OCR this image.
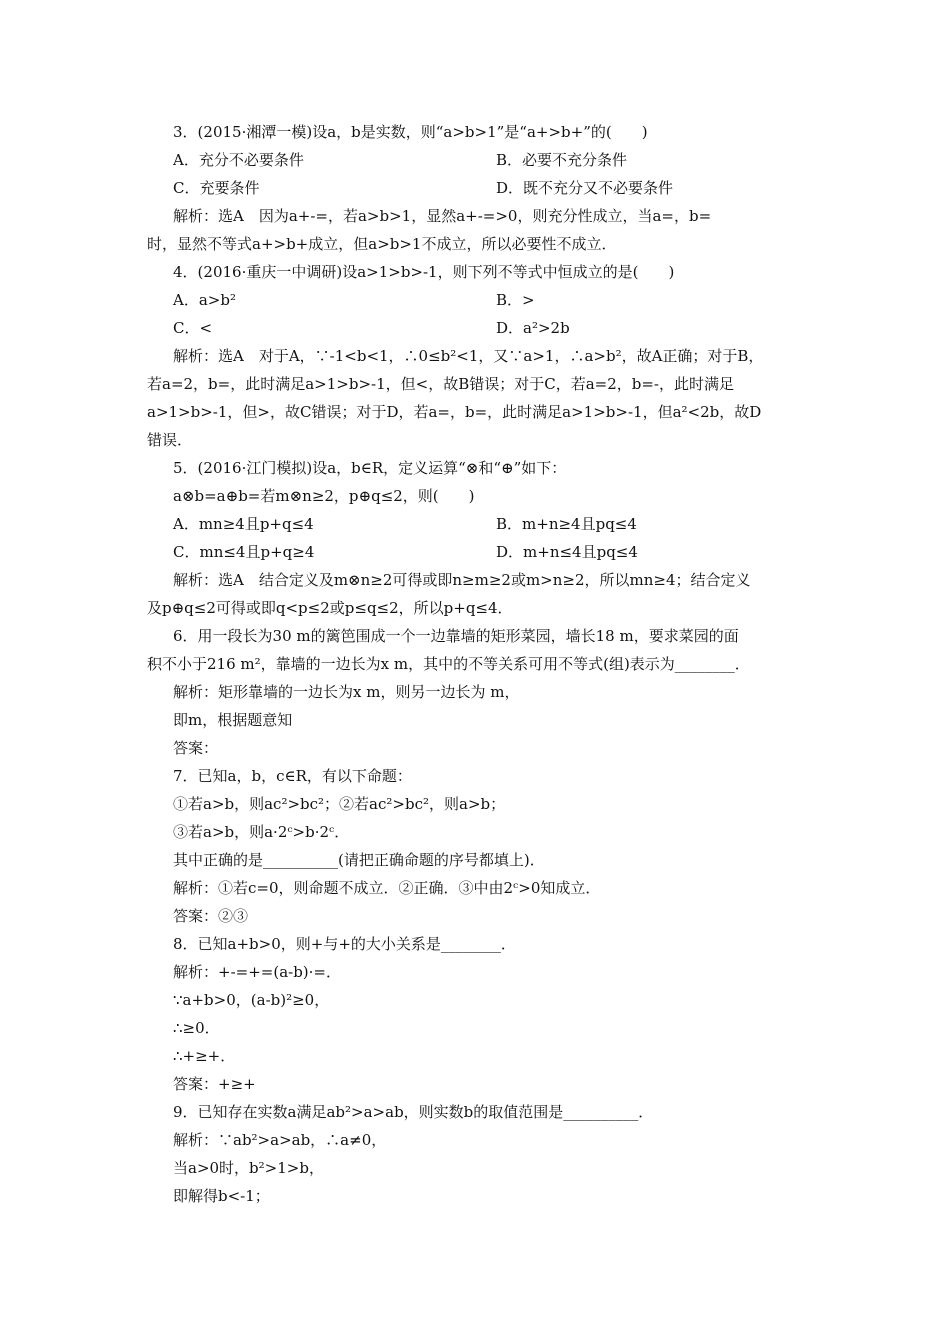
3．(2015·湘潭一模)设a，b是实数，则“a>b>1”是“a+>b+”的(　　)
A．充分不必要条件	B．必要不充分条件
C．充要条件	D．既不充分又不必要条件
解析：选A　因为a+-=，若a>b>1，显然a+-=>0，则充分性成立，当a=，b=
时，显然不等式a+>b+成立，但a>b>1不成立，所以必要性不成立．
4．(2016·重庆一中调研)设a>1>b>-1，则下列不等式中恒成立的是(　　)
A．a>b²	B．>
C．<	D．a²>2b
解析：选A　对于A，∵-1<b<1，∴0≤b²<1，又∵a>1，∴a>b²，故A正确；对于B，
若a=2，b=，此时满足a>1>b>-1，但<，故B错误；对于C，若a=2，b=-，此时满足
a>1>b>-1，但>，故C错误；对于D，若a=，b=，此时满足a>1>b>-1，但a²<2b，故D
错误．
5．(2016·江门模拟)设a，b∈R，定义运算“⊗和“⊕”如下：
a⊗b=a⊕b=若m⊗n≥2，p⊕q≤2，则(　　)
A．mn≥4且p+q≤4	B．m+n≥4且pq≤4
C．mn≤4且p+q≥4	D．m+n≤4且pq≤4
解析：选A　结合定义及m⊗n≥2可得或即n≥m≥2或m>n≥2，所以mn≥4；结合定义
及p⊕q≤2可得或即q<p≤2或p≤q≤2，所以p+q≤4．
6．用一段长为30 m的篱笆围成一个一边靠墙的矩形菜园，墙长18 m，要求菜园的面
积不小于216 m²，靠墙的一边长为x m，其中的不等关系可用不等式(组)表示为________．
解析：矩形靠墙的一边长为x m，则另一边长为 m，
即m，根据题意知
答案：
7．已知a，b，c∈R，有以下命题：
①若a>b，则ac²>bc²；②若ac²>bc²，则a>b；
③若a>b，则a·2ᶜ>b·2ᶜ．
其中正确的是__________(请把正确命题的序号都填上)．
解析：①若c=0，则命题不成立．②正确．③中由2ᶜ>0知成立．
答案：②③
8．已知a+b>0，则+与+的大小关系是________．
解析：+-=+=(a-b)·=．
∵a+b>0，(a-b)²≥0，
∴≥0．
∴+≥+．
答案：+≥+
9．已知存在实数a满足ab²>a>ab，则实数b的取值范围是__________．
解析：∵ab²>a>ab，∴a≠0，
当a>0时，b²>1>b，
即解得b<-1；
